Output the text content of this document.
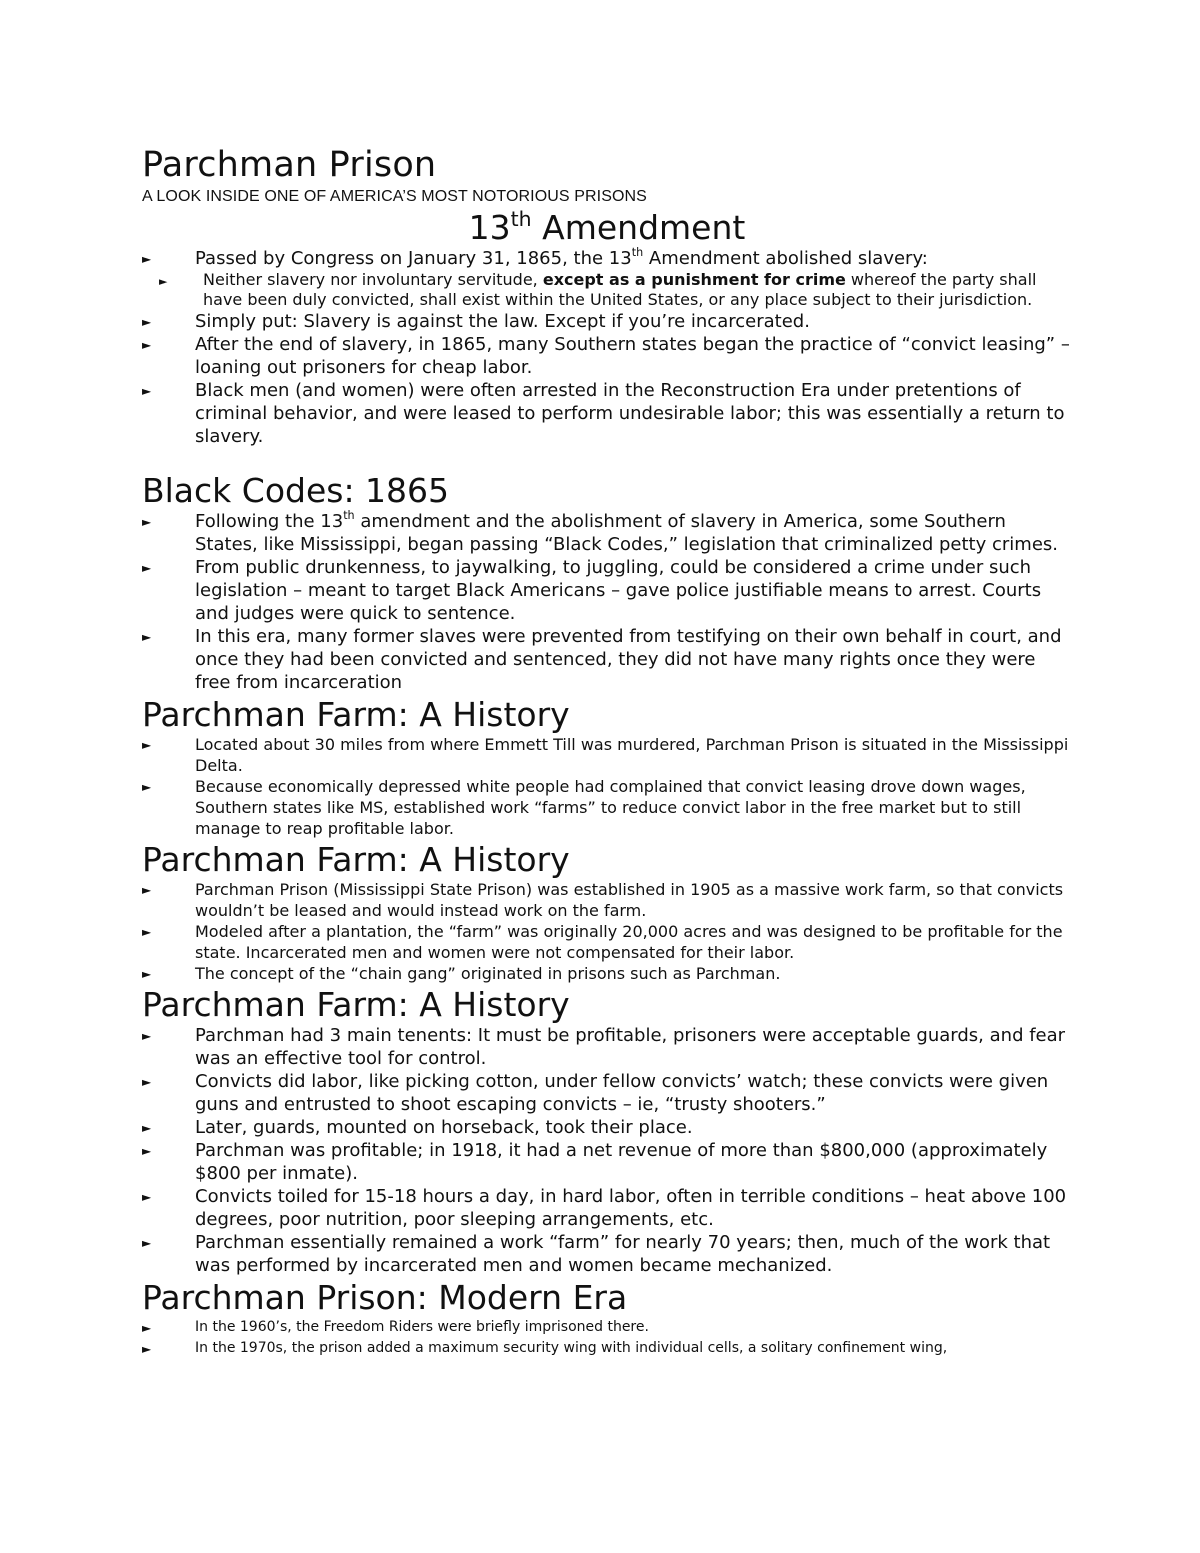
Parchman Prison
A LOOK INSIDE ONE OF AMERICA’S MOST NOTORIOUS PRISONS
13th Amendment
► Passed by Congress on January 31, 1865, the 13th Amendment abolished slavery:
► Neither slavery nor involuntary servitude, except as a punishment for crime whereof the party shall have been duly convicted, shall exist within the United States, or any place subject to their jurisdiction.
► Simply put: Slavery is against the law. Except if you’re incarcerated.
► After the end of slavery, in 1865, many Southern states began the practice of “convict leasing” – loaning out prisoners for cheap labor.
► Black men (and women) were often arrested in the Reconstruction Era under pretentions of criminal behavior, and were leased to perform undesirable labor; this was essentially a return to slavery.
Black Codes: 1865
► Following the 13th amendment and the abolishment of slavery in America, some Southern States, like Mississippi, began passing “Black Codes,” legislation that criminalized petty crimes.
► From public drunkenness, to jaywalking, to juggling, could be considered a crime under such legislation – meant to target Black Americans – gave police justifiable means to arrest. Courts and judges were quick to sentence.
► In this era, many former slaves were prevented from testifying on their own behalf in court, and once they had been convicted and sentenced, they did not have many rights once they were free from incarceration
Parchman Farm: A History
►	Located about 30 miles from where Emmett Till was murdered, Parchman Prison is situated in the Mississippi Delta.
►	Because economically depressed white people had complained that convict leasing drove down wages, Southern states like MS, established work “farms” to reduce convict labor in the free market but to still manage to reap profitable labor.
Parchman Farm: A History
►	Parchman Prison (Mississippi State Prison) was established in 1905 as a massive work farm, so that convicts wouldn’t be leased and would instead work on the farm.
►	Modeled after a plantation, the “farm” was originally 20,000 acres and was designed to be profitable for the state. Incarcerated men and women were not compensated for their labor.
►	The concept of the “chain gang” originated in prisons such as Parchman.
Parchman Farm: A History
► Parchman had 3 main tenents: It must be profitable, prisoners were acceptable guards, and fear was an effective tool for control.
► Convicts did labor, like picking cotton, under fellow convicts’ watch; these convicts were given guns and entrusted to shoot escaping convicts – ie, “trusty shooters.”
► Later, guards, mounted on horseback, took their place.
► Parchman was profitable; in 1918, it had a net revenue of more than $800,000 (approximately $800 per inmate).
► Convicts toiled for 15-18 hours a day, in hard labor, often in terrible conditions – heat above 100 degrees, poor nutrition, poor sleeping arrangements, etc.
► Parchman essentially remained a work “farm” for nearly 70 years; then, much of the work that was performed by incarcerated men and women became mechanized.
Parchman Prison: Modern Era
►	In the 1960’s, the Freedom Riders were briefly imprisoned there.
►	In the 1970s, the prison added a maximum security wing with individual cells, a solitary confinement wing,
